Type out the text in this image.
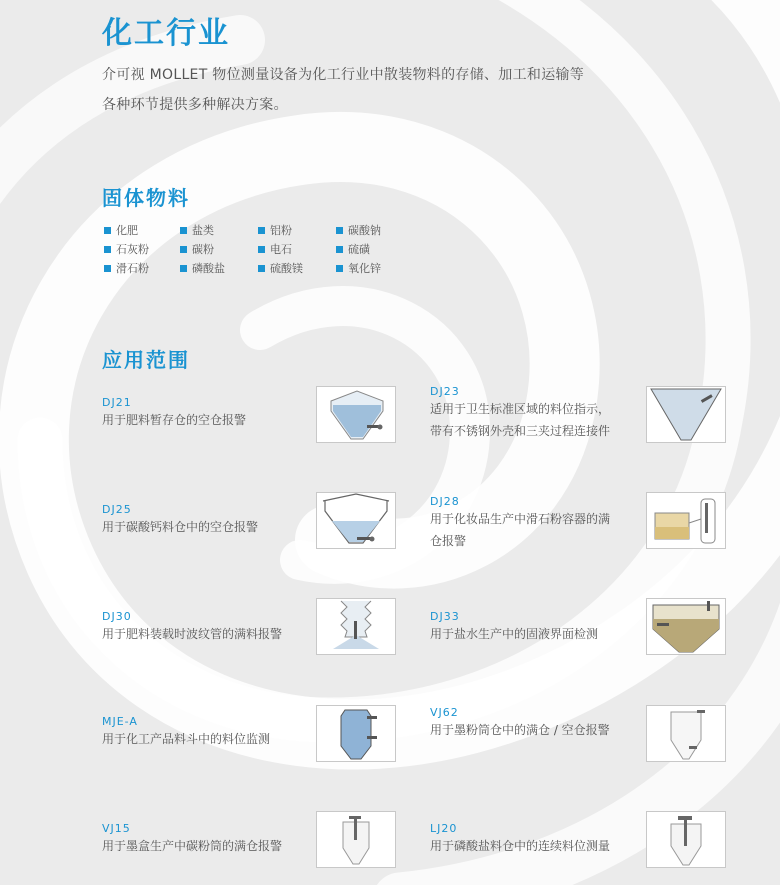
化工行业
介可视 MOLLET 物位测量设备为化工行业中散装物料的存储、加工和运输等
各种环节提供多种解决方案。
固体物料
化肥	盐类	铝粉	碳酸钠
石灰粉	碳粉	电石	硫磺
滑石粉	磷酸盐	硫酸镁	氧化锌
应用范围
DJ21
用于肥料暂存仓的空仓报警
DJ25
用于碳酸钙料仓中的空仓报警
DJ30
用于肥料装载时波纹管的满料报警
MJE-A
用于化工产品料斗中的料位监测
VJ15
用于墨盒生产中碳粉筒的满仓报警
DJ23
适用于卫生标准区域的料位指示，
带有不锈钢外壳和三夹过程连接件
DJ28
用于化妆品生产中滑石粉容器的满
仓报警
DJ33
用于盐水生产中的固液界面检测
VJ62
用于墨粉筒仓中的满仓 / 空仓报警
LJ20
用于磷酸盐料仓中的连续料位测量
